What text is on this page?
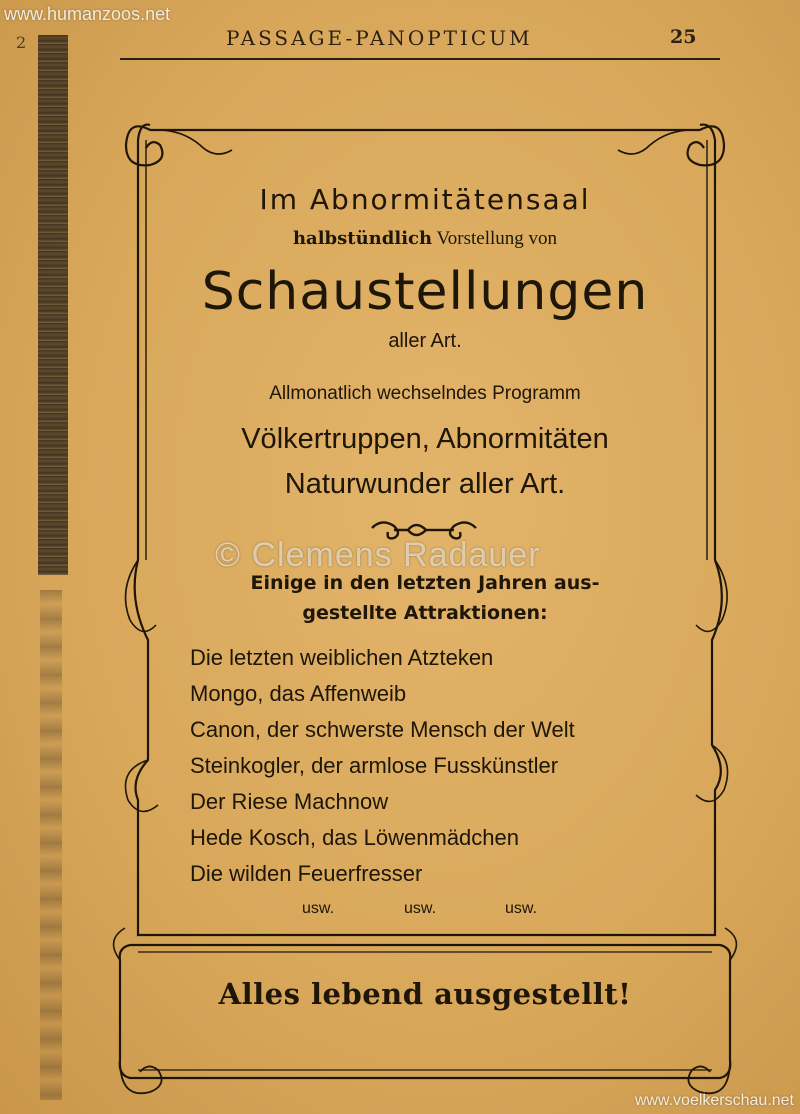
www.humanzoos.net
2	PASSAGE-PANOPTICUM	25
Im Abnormitätensaal
halbstündlich Vorstellung von
Schaustellungen
aller Art.
Allmonatlich wechselndes Programm
Völkertruppen, Abnormitäten
Naturwunder aller Art.
© Clemens Radauer
Einige in den letzten Jahren aus-
gestellte Attraktionen:
Die letzten weiblichen Atzteken
Mongo, das Affenweib
Canon, der schwerste Mensch der Welt
Steinkogler, der armlose Fusskünstler
Der Riese Machnow
Hede Kosch, das Löwenmädchen
Die wilden Feuerfresser
usw.	usw.	usw.
Alles lebend ausgestellt!
www.voelkerschau.net
